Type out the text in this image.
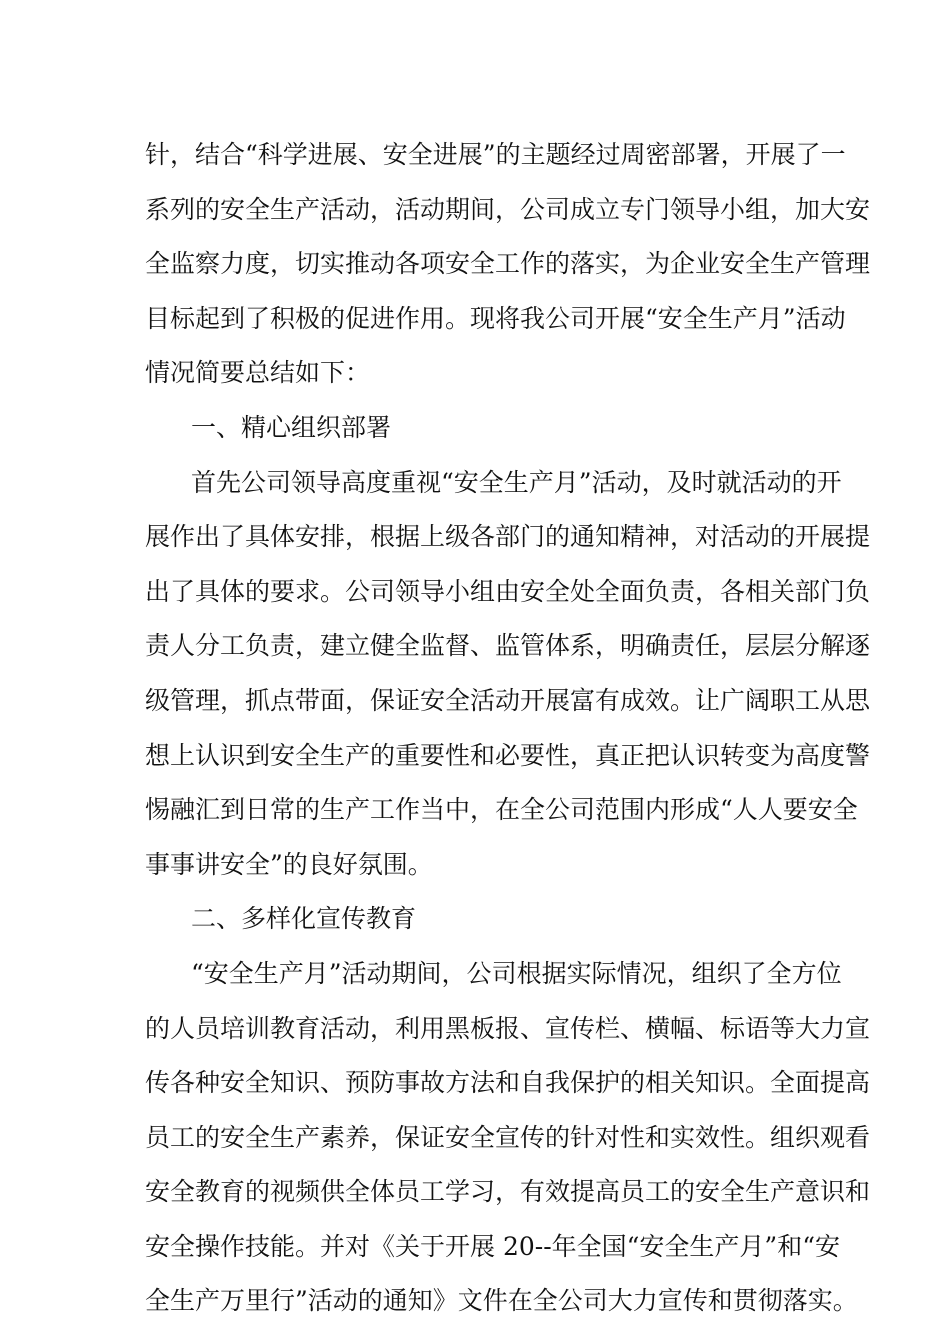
针，结合“科学进展、安全进展”的主题经过周密部署，开展了一
系列的安全生产活动，活动期间，公司成立专门领导小组，加大安
全监察力度，切实推动各项安全工作的落实，为企业安全生产管理
目标起到了积极的促进作用。现将我公司开展“安全生产月”活动
情况简要总结如下：
一、精心组织部署
首先公司领导高度重视“安全生产月”活动，及时就活动的开
展作出了具体安排，根据上级各部门的通知精神，对活动的开展提
出了具体的要求。公司领导小组由安全处全面负责，各相关部门负
责人分工负责，建立健全监督、监管体系，明确责任，层层分解逐
级管理，抓点带面，保证安全活动开展富有成效。让广阔职工从思
想上认识到安全生产的重要性和必要性，真正把认识转变为高度警
惕融汇到日常的生产工作当中，在全公司范围内形成“人人要安全
事事讲安全”的良好氛围。
二、多样化宣传教育
“安全生产月”活动期间，公司根据实际情况，组织了全方位
的人员培训教育活动，利用黑板报、宣传栏、横幅、标语等大力宣
传各种安全知识、预防事故方法和自我保护的相关知识。全面提高
员工的安全生产素养，保证安全宣传的针对性和实效性。组织观看
安全教育的视频供全体员工学习，有效提高员工的安全生产意识和
安全操作技能。并对《关于开展 20--年全国“安全生产月”和“安
全生产万里行”活动的通知》文件在全公司大力宣传和贯彻落实。
